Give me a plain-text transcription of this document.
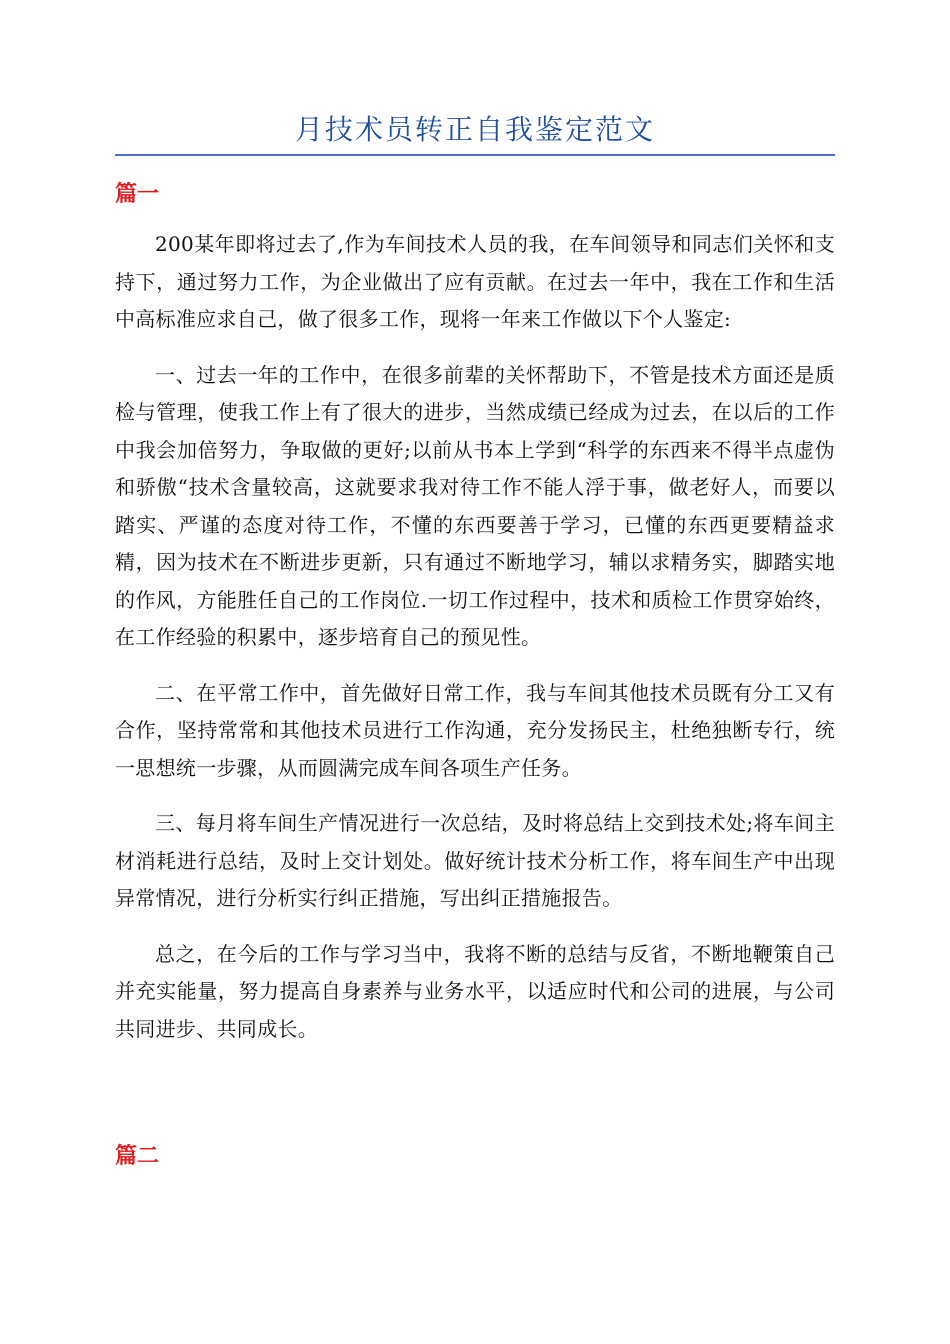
月技术员转正自我鉴定范文
篇一

200某年即将过去了,作为车间技术人员的我，在车间领导和同志们关怀和支持下，通过努力工作，为企业做出了应有贡献。在过去一年中，我在工作和生活中高标准应求自己，做了很多工作，现将一年来工作做以下个人鉴定:

一、过去一年的工作中，在很多前辈的关怀帮助下，不管是技术方面还是质检与管理，使我工作上有了很大的进步，当然成绩已经成为过去，在以后的工作中我会加倍努力，争取做的更好;以前从书本上学到“科学的东西来不得半点虚伪和骄傲“技术含量较高，这就要求我对待工作不能人浮于事，做老好人，而要以踏实、严谨的态度对待工作，不懂的东西要善于学习，已懂的东西更要精益求精，因为技术在不断进步更新，只有通过不断地学习，辅以求精务实，脚踏实地的作风，方能胜任自己的工作岗位.一切工作过程中，技术和质检工作贯穿始终，在工作经验的积累中，逐步培育自己的预见性。

二、在平常工作中，首先做好日常工作，我与车间其他技术员既有分工又有合作，坚持常常和其他技术员进行工作沟通，充分发扬民主，杜绝独断专行，统一思想统一步骤，从而圆满完成车间各项生产任务。

三、每月将车间生产情况进行一次总结，及时将总结上交到技术处;将车间主材消耗进行总结，及时上交计划处。做好统计技术分析工作，将车间生产中出现异常情况，进行分析实行纠正措施，写出纠正措施报告。

总之，在今后的工作与学习当中，我将不断的总结与反省，不断地鞭策自己并充实能量，努力提高自身素养与业务水平，以适应时代和公司的进展，与公司共同进步、共同成长。

篇二
